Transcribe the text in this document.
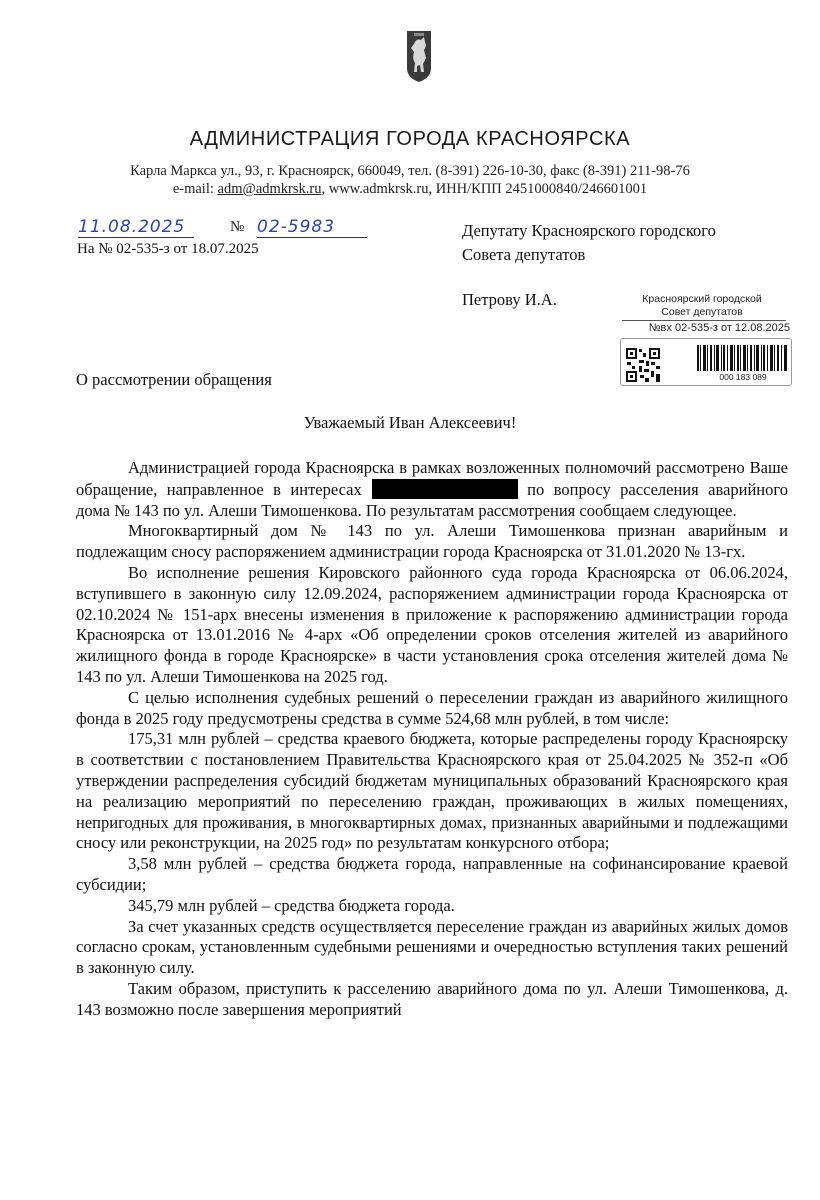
АДМИНИСТРАЦИЯ ГОРОДА КРАСНОЯРСКА
Карла Маркса ул., 93, г. Красноярск, 660049, тел. (8-391) 226-10-30, факс (8-391) 211-98-76
e-mail: adm@admkrsk.ru, www.admkrsk.ru, ИНН/КПП 2451000840/246601001
11.08.2025	№ 02-5983
На № 02-535-з от 18.07.2025
Депутату Красноярского городского
Совета депутатов
Петрову И.А.	Красноярский городской
Совет депутатов
№вх 02-535-з от 12.08.2025
000 183 089
О рассмотрении обращения
Уважаемый Иван Алексеевич!

Администрацией города Красноярска в рамках возложенных полномочий рассмотрено Ваше обращение, направленное в интересах	по вопросу расселения аварийного дома № 143 по ул. Алеши Тимошенкова. По результатам рассмотрения сообщаем следующее.

Многоквартирный дом № 143 по ул. Алеши Тимошенкова признан аварийным и подлежащим сносу распоряжением администрации города Красноярска от 31.01.2020 № 13-гх.

Во исполнение решения Кировского районного суда города Красноярска от 06.06.2024, вступившего в законную силу 12.09.2024, распоряжением администрации города Красноярска от 02.10.2024 № 151-арх внесены изменения в приложение к распоряжению администрации города Красноярска от 13.01.2016 № 4-арх «Об определении сроков отселения жителей из аварийного жилищного фонда в городе Красноярске» в части установления срока отселения жителей дома № 143 по ул. Алеши Тимошенкова на 2025 год.

С целью исполнения судебных решений о переселении граждан из аварийного жилищного фонда в 2025 году предусмотрены средства в сумме 524,68 млн рублей, в том числе:

175,31 млн рублей – средства краевого бюджета, которые распределены городу Красноярску в соответствии с постановлением Правительства Красноярского края от 25.04.2025 № 352-п «Об утверждении распределения субсидий бюджетам муниципальных образований Красноярского края на реализацию мероприятий по переселению граждан, проживающих в жилых помещениях, непригодных для проживания, в многоквартирных домах, признанных аварийными и подлежащими сносу или реконструкции, на 2025 год» по результатам конкурсного отбора;

3,58 млн рублей – средства бюджета города, направленные на софинансирование краевой субсидии;

345,79 млн рублей – средства бюджета города.

За счет указанных средств осуществляется переселение граждан из аварийных жилых домов согласно срокам, установленным судебными решениями и очередностью вступления таких решений в законную силу.

Таким образом, приступить к расселению аварийного дома по ул. Алеши Тимошенкова, д. 143 возможно после завершения мероприятий
